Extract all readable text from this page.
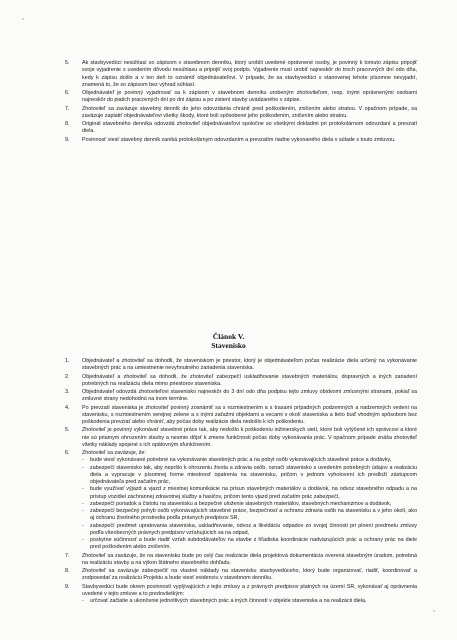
5. Ak stavbyvedúci nesúhlasí so zápisom v stavebnom denníku, ktorý urobili uvedené oprávnené osoby, je povinný k tomuto zápisu pripojiť svoje vyjadrenie s uvedením dôvodu nesúhlasu a pripojiť svoj podpis. Vyjadrenie musí urobiť najneskôr do troch pracovných dní odo dňa, kedy k zápisu došlo a v ten deň to oznámiť objednávateľovi. V prípade, že sa stavbyvedúci v stanovenej lehote písomne nevyjadrí, znamená to, že so zápisom bez výhrad súhlasí.
6. Objednávateľ je povinný vyjadrovať sa k zápisom v stavebnom denníku urobeným zhotoviteľom, resp. inými oprávnenými osobami najneskôr do piatich pracovných dní po dni zápisu a po zistení stavby uvádzaného v zápise.
7. Zhotoviteľ sa zaväzuje stavebný denník do jeho odovzdania chrániť pred poškodením, zničením alebo stratou. V opačnom prípade, sa zaväzuje zaplatiť objednávateľovi všetky škody, ktoré boli spôsobené jeho poškodením, zničením alebo stratou.
8. Originál stavebného denníka odovzdá zhotoviteľ objednávateľovi spoločne so všetkými dokladmi pri protokolárnom odovzdaní a prevzatí diela.
9. Povinnosť viesť stavebný denník zaniká protokolárnym odovzdaním a prevzatím riadne vykonaného diela v súlade s touto zmluvou.
Článok V.
Stavenisko
1. Objednávateľ a zhotoviteľ sa dohodli, že staveniskom je priestor, ktorý je objednávateľom počas realizácie diela určený na vykonávanie stavebných prác a na umiestnenie nevyhnutného zariadenia staveniska.
2. Objednávateľ a zhotoviteľ sa dohodli, že zhotoviteľ zabezpečí uskladňovanie stavebných materiálov, dopravných a iných zariadení potrebných na realizáciu diela mimo priestorov staveniska.
3. Objednávateľ odovzdá zhotoviteľovi stavenisko najneskôr do 3 dní odo dňa podpisu tejto zmluvy obidvomi zmluvnými stranami, pokiaľ sa zmluvné strany nedohodnú na inom termíne.
4. Po prevzatí staveniska je zhotoviteľ povinný zosnámiť sa s rozmiestnením a s trasami prípadných podzemných a nadzemných vedení na stavenisku, s rozmiestnením verejnej zelene a s inými zaťažmi objektami a vecami v okolí staveniska a tieto buď vhodným spôsobom bez poškodenia prevziať alebo chrániť, aby počas doby realizácie diela nedošlo k ich poškodeniu.
5. Zhotoviteľ je povinný vykonávať stavebné práce tak, aby nedošlo k poškodeniu inžinierskych sietí, ktoré boli vytýčené ich správcovi a ktoré nie sú priamym ohrozením stavby a nesmie dôjsť k zmene funkčnosti počas doby vykonávania prác. V opačnom prípade znáša zhotoviteľ všetky náklady spojené s ich opätovným sfunkčnením.
6. Zhotoviteľ sa zaväzuje, že:
- bude viesť vykonávané potrebné na vykonávanie stavebných prác a na pobyt osôb vykonávajúcich stavebné práce a dodávky,
- zabezpečí stavenisko tak, aby nepršlo k ohrozeniu života a zdravia osôb, označí stavenisko s uvedením potrebných údajov a realizáciu diela a vypracuje v písomnej forme miestnosť opatrenia na stavenisku, pričom v jednom vyhotovení ich predloží zástupcom objednávateľa pred začatím prác,
- bude využívať výjazd a vjazd z miestnej komunikácie na prísun stavebných materiálov a dodávok, na odvoz stavebného odpadu a na prístup vozidiel záchrannej zdravotnej služby a hasičov, pričom tento vjazd pred začatím prác zabezpečí,
- zabezpečí poriadok a čistotu na stavenisku a bezpečné uloženie stavebných materiálov, stavebných mechanizmov a dodávok,
- zabezpečí bezpečný pohyb osôb vykonávajúcich stavebné práce, bezpečnosť a ochranu zdravia osôb na stavenisku a v jeho okolí, ako aj ochranu životného prostredia podľa právnych predpisov SR,
- zabezpečí predmet upratovania staveniska, uskladňovanie, odvoz a likvidáciu odpadov zo svojej činnosti pri plnení predmetu zmluvy podľa všeobecných právnych predpisov vzťahujúcich sa na odpad,
- poskytne súčinnosť a bude riadiť vzťah subdodávateľov na stavbe z hľadiska koordinácie nadväzujúcich prác a ochrany prác na diele pred poškodením alebo zničením.
7. Zhotoviteľ sa zaväzuje, že na stavenisku bude po celý čas realizácie diela projektová dokumentácia overená stavebným úradom, potrebná na realizáciu stavby a na výkon štátneho stavebného dohľadu.
8. Zhotoviteľ sa zaväzuje zabezpečiť na vlastné náklady na stavenisku stavbyvedúceho, ktorý bude organizovať, riadiť, koordinovať a zodpovedať za realizáciu Projektu a bude viesť evidenciu v stavebnom denníku.
9. Stavbyvedúci bude okrem povinností vyplývajúcich z tejto zmluvy a z právnych predpisov platných na území SR, vykonávať aj oprávnenia uvedené v tejto zmluve a to predovšetkým:
- určovať začiatie a ukončenie jednotlivých stavebných prác a iných činností v objekte staveniska a na realizácii diela,
